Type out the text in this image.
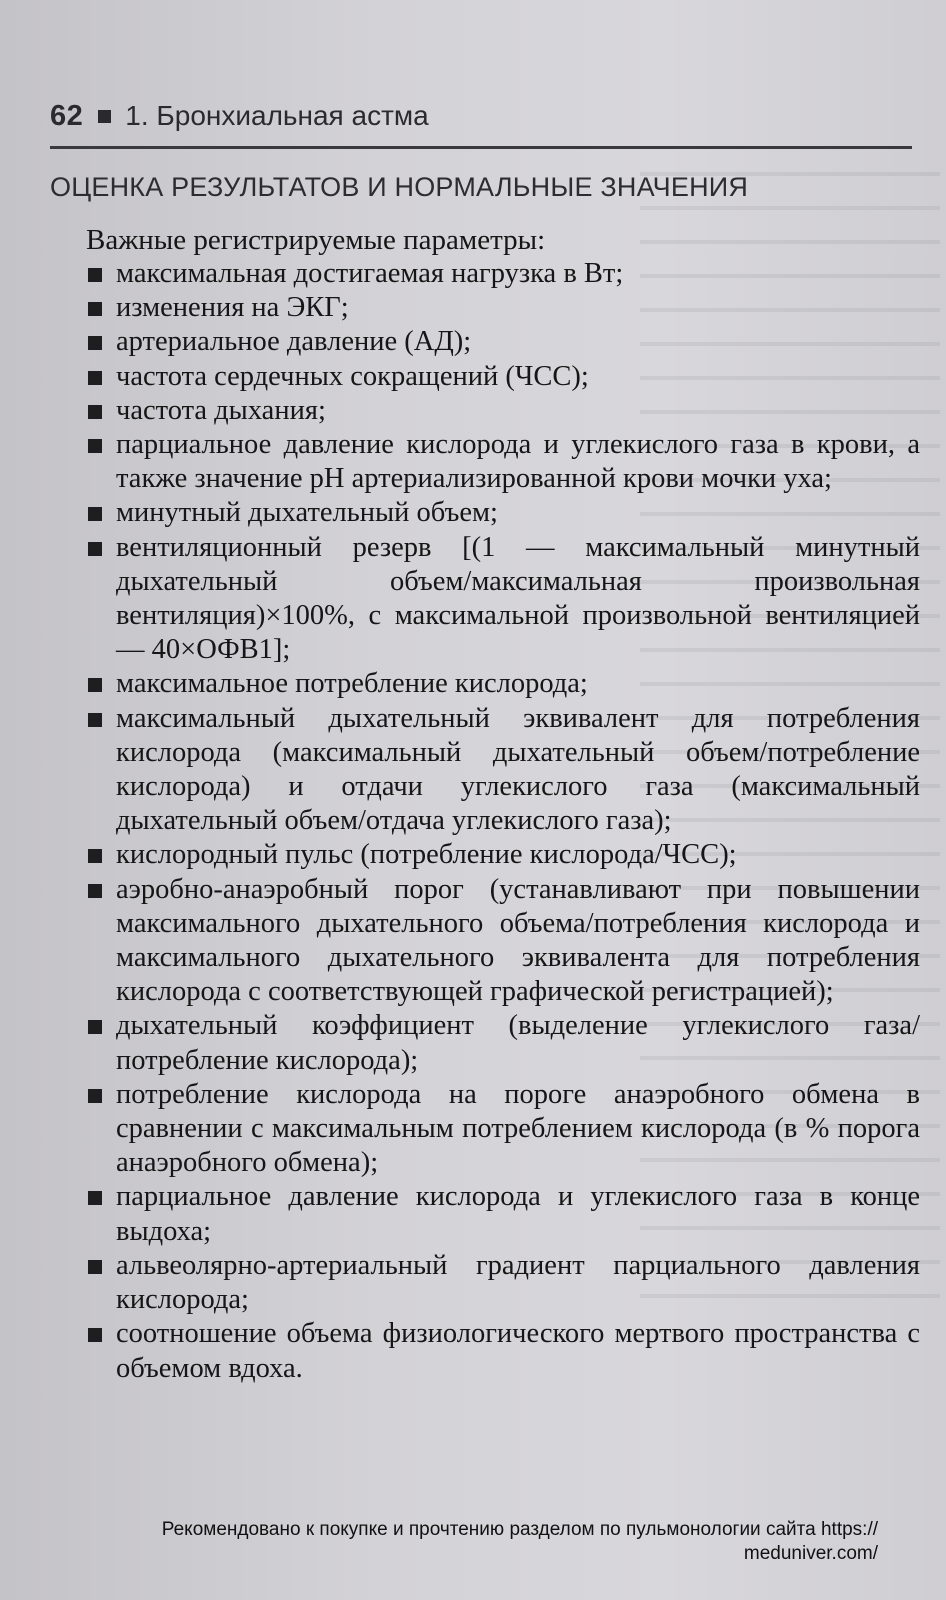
62 1. Бронхиальная астма
ОЦЕНКА РЕЗУЛЬТАТОВ И НОРМАЛЬНЫЕ ЗНАЧЕНИЯ
Важные регистрируемые параметры:
максимальная достигаемая нагрузка в Вт;
изменения на ЭКГ;
артериальное давление (АД);
частота сердечных сокращений (ЧСС);
частота дыхания;
парциальное давление кислорода и углекислого газа в крови, а также значение рН артериализированной крови мочки уха;
минутный дыхательный объем;
вентиляционный резерв [(1 — максимальный минутный дыхательный объем/максимальная произвольная вентиляция)×100%, с максимальной произвольной вентиляцией — 40×ОФВ1];
максимальное потребление кислорода;
максимальный дыхательный эквивалент для потребления кислорода (максимальный дыхательный объем/потребление кислорода) и отдачи углекислого газа (максимальный дыхательный объем/отдача углекислого газа);
кислородный пульс (потребление кислорода/ЧСС);
аэробно-анаэробный порог (устанавливают при повышении максимального дыхательного объема/потребления кислорода и максимального дыхательного эквивалента для потребления кислорода с соответствующей графической регистрацией);
дыхательный коэффициент (выделение углекислого газа/потребление кислорода);
потребление кислорода на пороге анаэробного обмена в сравнении с максимальным потреблением кислорода (в % порога анаэробного обмена);
парциальное давление кислорода и углекислого газа в конце выдоха;
альвеолярно-артериальный градиент парциального давления кислорода;
соотношение объема физиологического мертвого пространства с объемом вдоха.
Рекомендовано к покупке и прочтению разделом по пульмонологии сайта https://
meduniver.com/
